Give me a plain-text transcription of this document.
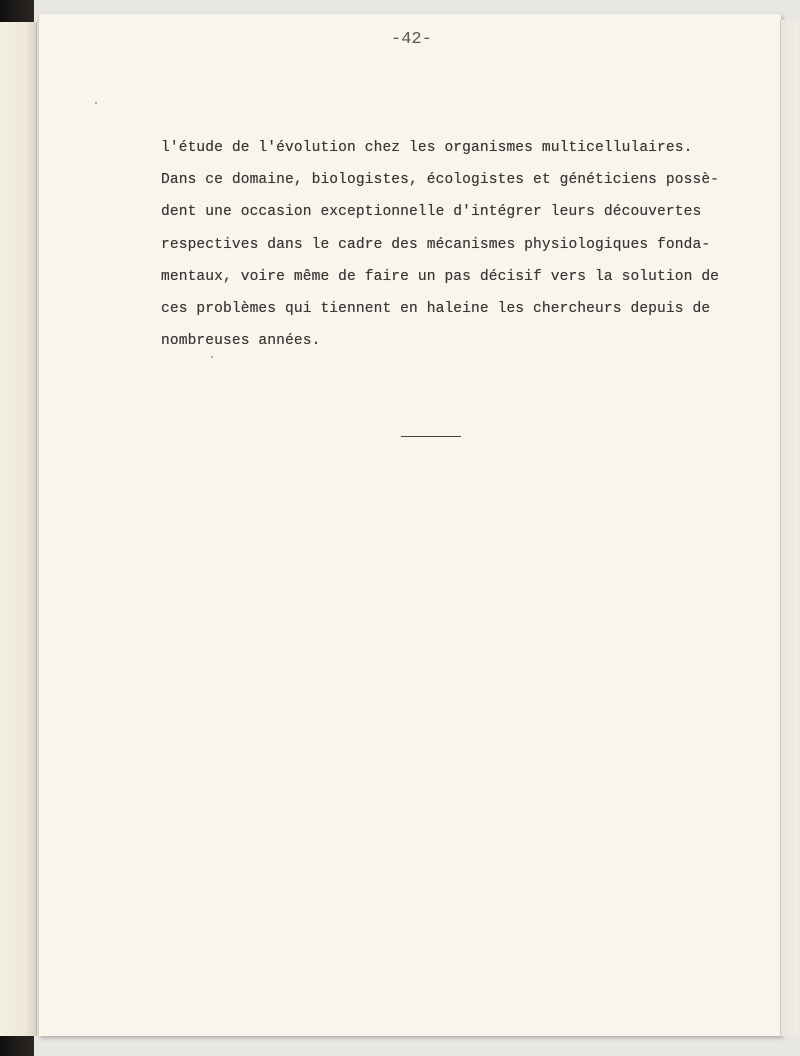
-42-
l'étude de l'évolution chez les organismes multicellulaires.
Dans ce domaine, biologistes, écologistes et généticiens possè-
dent une occasion exceptionnelle d'intégrer leurs découvertes
respectives dans le cadre des mécanismes physiologiques fonda-
mentaux, voire même de faire un pas décisif vers la solution de
ces problèmes qui tiennent en haleine les chercheurs depuis de
nombreuses années.
